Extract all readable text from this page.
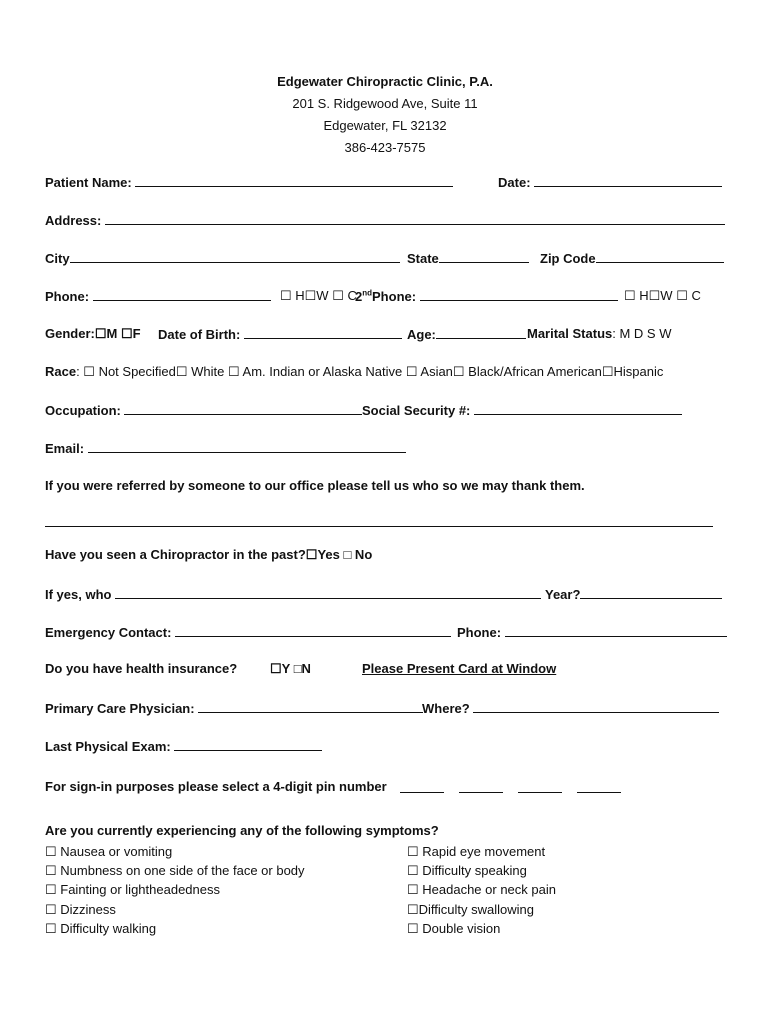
Edgewater Chiropractic Clinic, P.A.
201 S. Ridgewood Ave, Suite 11
Edgewater, FL 32132
386-423-7575
Patient Name:	Date:
Address:
City	State	Zip Code
Phone:	☐ H☐W ☐ C
2ndPhone:	☐ H☐W ☐ C
Gender:☐M ☐F Date of Birth:	Age:	Marital Status: M D S W
Race: ☐ Not Specified☐ White ☐ Am. Indian or Alaska Native ☐ Asian☐ Black/African American☐Hispanic
Occupation:	Social Security #:
Email:
If you were referred by someone to our office please tell us who so we may thank them.
Have you seen a Chiropractor in the past?☐Yes □ No
If yes, who	Year?
Emergency Contact:	Phone:
Do you have health insurance?	☐Y □N	Please Present Card at Window
Primary Care Physician:	Where?
Last Physical Exam:
For sign-in purposes please select a 4-digit pin number
Are you currently experiencing any of the following symptoms?
☐ Nausea or vomiting
☐ Numbness on one side of the face or body
☐ Fainting or lightheadedness
☐ Dizziness
☐ Difficulty walking
☐ Rapid eye movement
☐ Difficulty speaking
☐ Headache or neck pain
☐Difficulty swallowing
☐ Double vision
